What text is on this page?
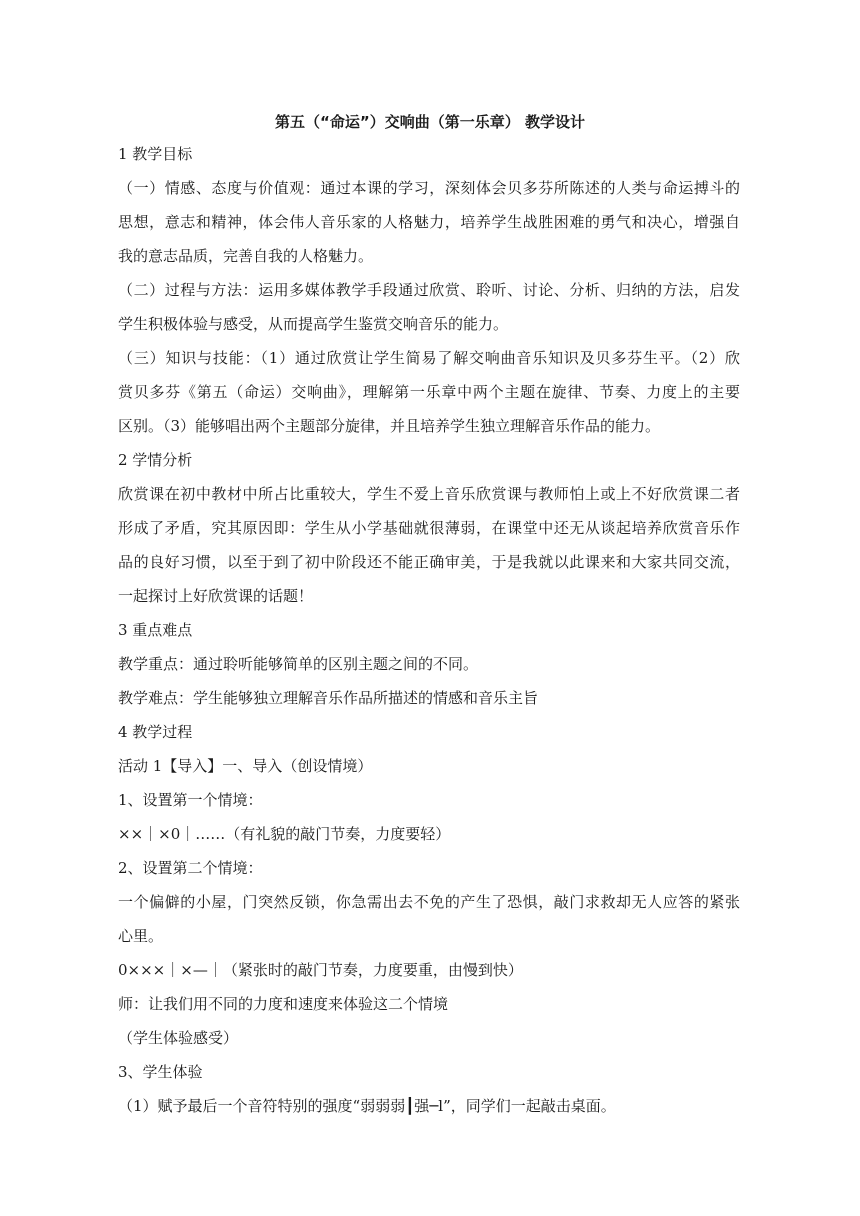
第五（“命运”）交响曲（第一乐章） 教学设计
1 教学目标
（一）情感、态度与价值观：通过本课的学习，深刻体会贝多芬所陈述的人类与命运搏斗的
思想，意志和精神，体会伟人音乐家的人格魅力，培养学生战胜困难的勇气和决心，增强自
我的意志品质，完善自我的人格魅力。
（二）过程与方法：运用多媒体教学手段通过欣赏、聆听、讨论、分析、归纳的方法，启发
学生积极体验与感受，从而提高学生鉴赏交响音乐的能力。
（三）知识与技能：（1）通过欣赏让学生简易了解交响曲音乐知识及贝多芬生平。（2）欣
赏贝多芬《第五（命运）交响曲》，理解第一乐章中两个主题在旋律、节奏、力度上的主要
区别。（3）能够唱出两个主题部分旋律，并且培养学生独立理解音乐作品的能力。
2 学情分析
欣赏课在初中教材中所占比重较大，学生不爱上音乐欣赏课与教师怕上或上不好欣赏课二者
形成了矛盾，究其原因即：学生从小学基础就很薄弱，在课堂中还无从谈起培养欣赏音乐作
品的良好习惯，以至于到了初中阶段还不能正确审美，于是我就以此课来和大家共同交流，
一起探讨上好欣赏课的话题！
3 重点难点
教学重点：通过聆听能够简单的区别主题之间的不同。
教学难点：学生能够独立理解音乐作品所描述的情感和音乐主旨
4 教学过程
活动 1【导入】一、导入（创设情境）
1、设置第一个情境：
××｜×0｜……（有礼貌的敲门节奏，力度要轻）
2、设置第二个情境：
一个偏僻的小屋，门突然反锁，你急需出去不免的产生了恐惧，敲门求救却无人应答的紧张
心里。
0×××｜×—｜（紧张时的敲门节奏，力度要重，由慢到快）
师：让我们用不同的力度和速度来体验这二个情境
（学生体验感受）
3、学生体验
（1）赋予最后一个音符特别的强度“弱弱弱┃强─l”，同学们一起敲击桌面。
